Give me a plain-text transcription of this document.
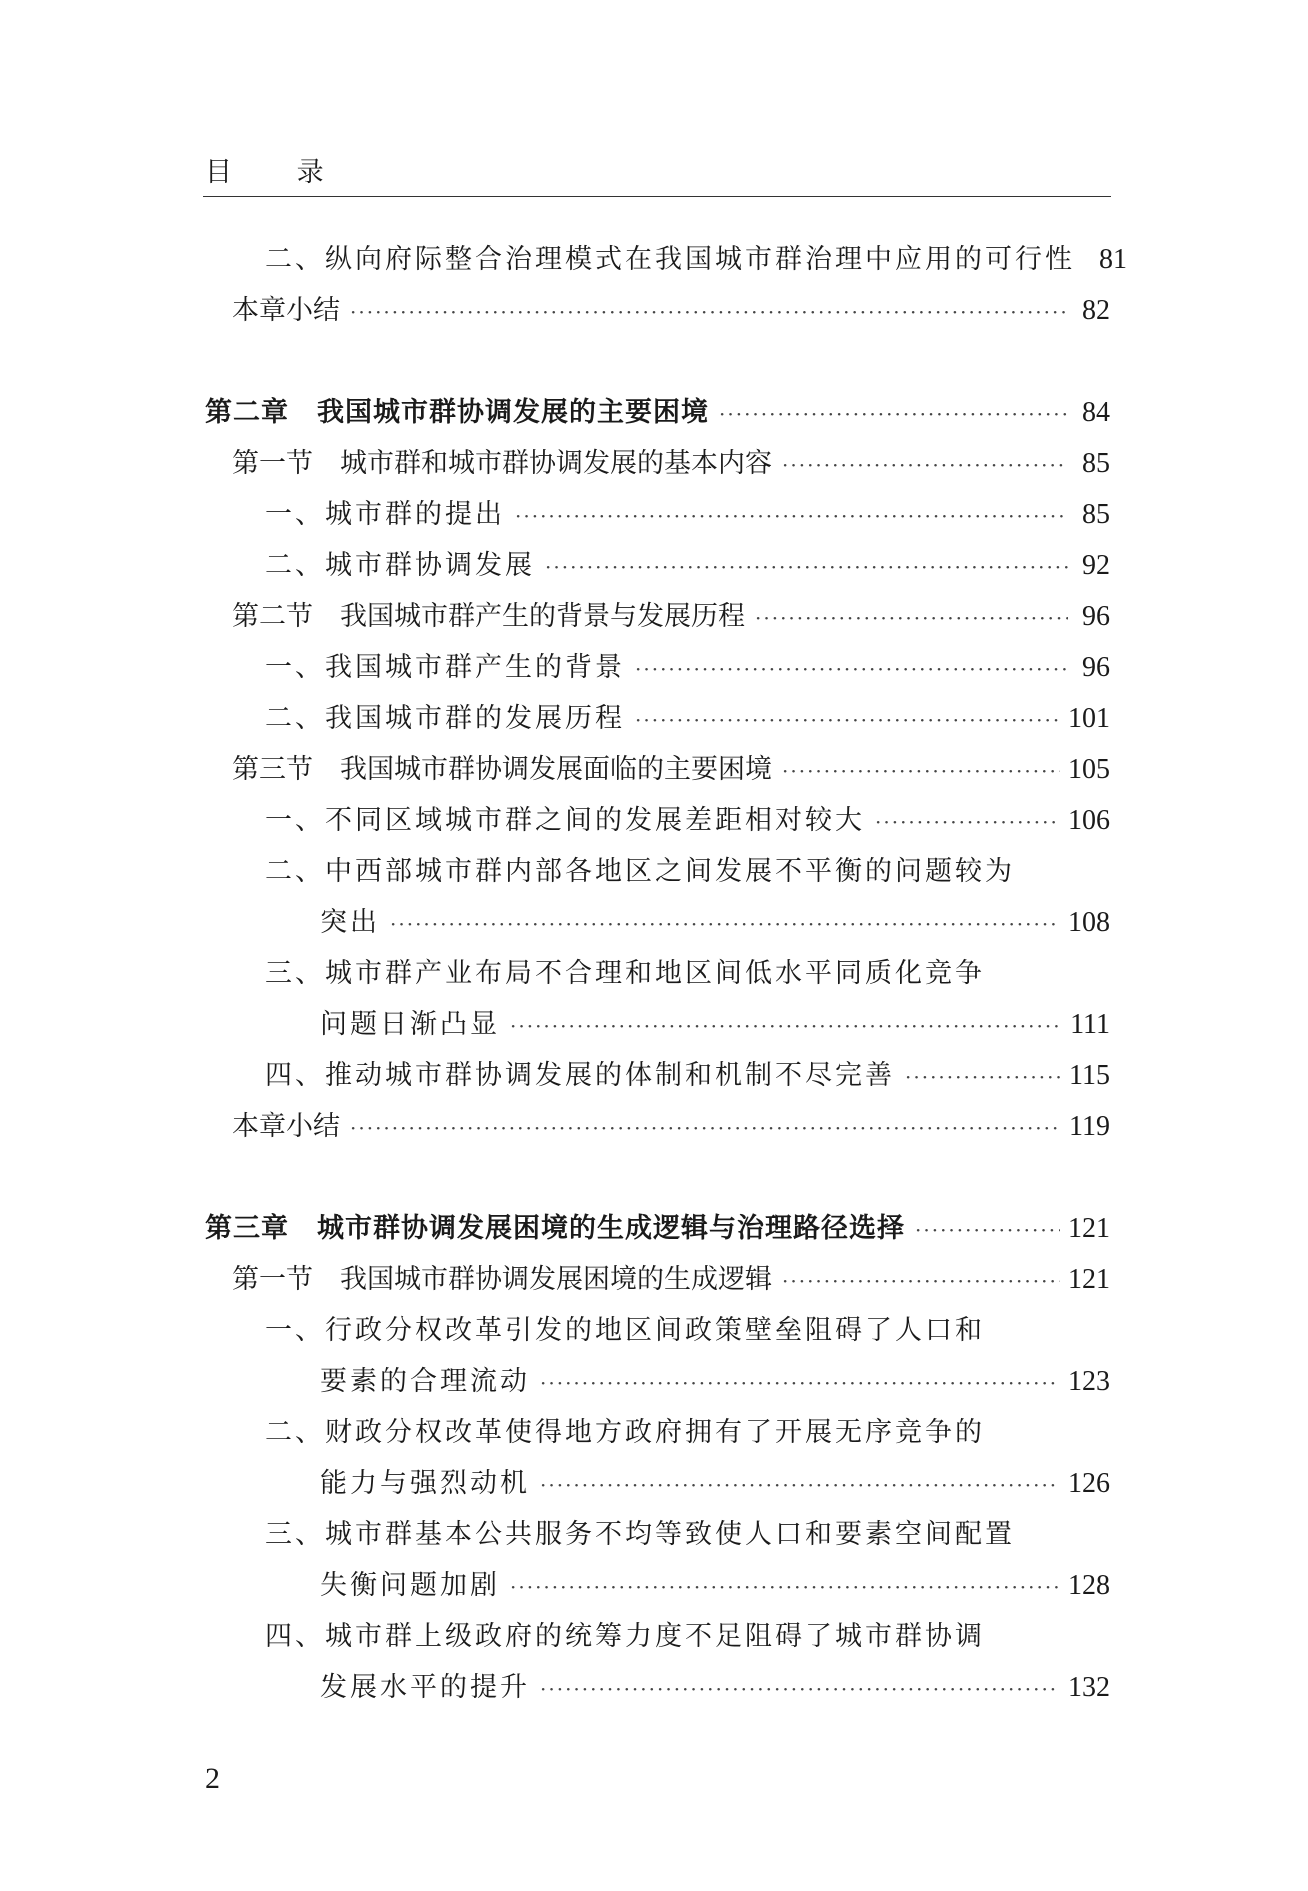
目 录
二、纵向府际整合治理模式在我国城市群治理中应用的可行性 81
本章小结 ·····	82
第二章　我国城市群协调发展的主要困境 ·····	84
第一节　城市群和城市群协调发展的基本内容 ·····	85
一、城市群的提出 ·····	85
二、城市群协调发展 ·····	92
第二节　我国城市群产生的背景与发展历程 ·····	96
一、我国城市群产生的背景 ·····	96
二、我国城市群的发展历程 ·····	101
第三节　我国城市群协调发展面临的主要困境 ·····	105
一、不同区域城市群之间的发展差距相对较大 ·····	106
二、中西部城市群内部各地区之间发展不平衡的问题较为
突出 ·····	108
三、城市群产业布局不合理和地区间低水平同质化竞争
问题日渐凸显 ·····	111
四、推动城市群协调发展的体制和机制不尽完善 ·····	115
本章小结 ·····	119
第三章　城市群协调发展困境的生成逻辑与治理路径选择 ·····	121
第一节　我国城市群协调发展困境的生成逻辑 ·····	121
一、行政分权改革引发的地区间政策壁垒阻碍了人口和
要素的合理流动 ·····	123
二、财政分权改革使得地方政府拥有了开展无序竞争的
能力与强烈动机 ·····	126
三、城市群基本公共服务不均等致使人口和要素空间配置
失衡问题加剧 ·····	128
四、城市群上级政府的统筹力度不足阻碍了城市群协调
发展水平的提升 ·····	132
2
